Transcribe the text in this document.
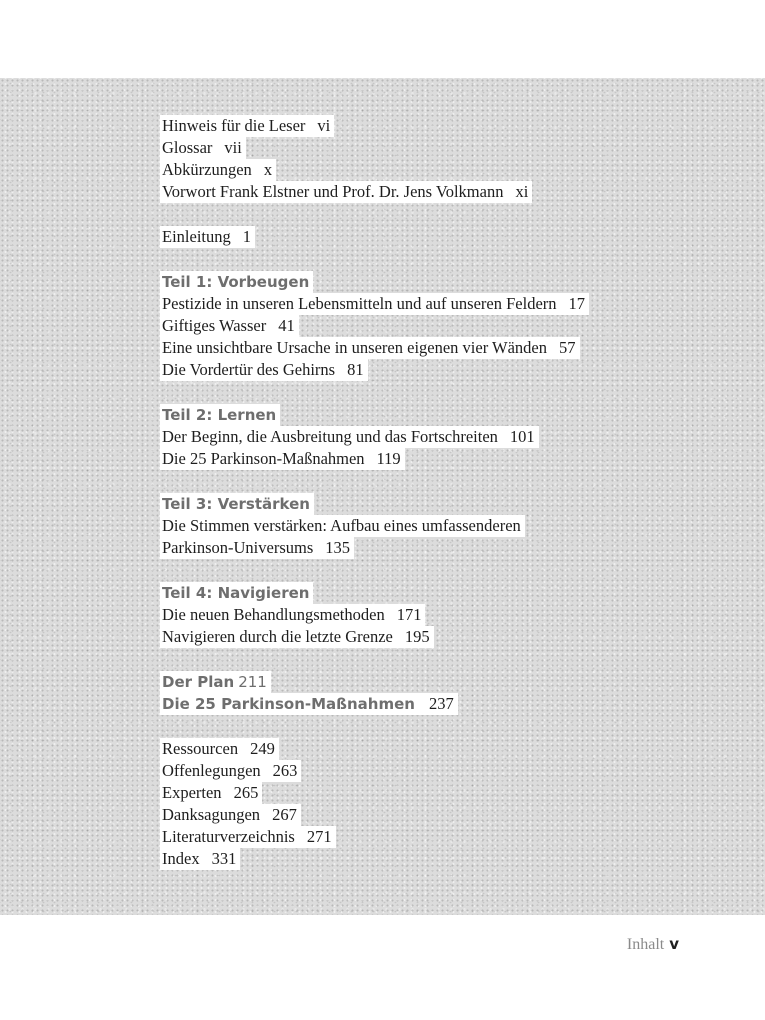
Hinweis für die Leser vi
Glossar vii
Abkürzungen x
Vorwort Frank Elstner und Prof. Dr. Jens Volkmann xi
Einleitung 1
Teil 1: Vorbeugen
Pestizide in unseren Lebensmitteln und auf unseren Feldern 17
Giftiges Wasser 41
Eine unsichtbare Ursache in unseren eigenen vier Wänden 57
Die Vordertür des Gehirns 81
Teil 2: Lernen
Der Beginn, die Ausbreitung und das Fortschreiten 101
Die 25 Parkinson-Maßnahmen 119
Teil 3: Verstärken
Die Stimmen verstärken: Aufbau eines umfassenderen
Parkinson-Universums 135
Teil 4: Navigieren
Die neuen Behandlungsmethoden 171
Navigieren durch die letzte Grenze 195
Der Plan 211
Die 25 Parkinson-Maßnahmen 237
Ressourcen 249
Offenlegungen 263
Experten 265
Danksagungen 267
Literaturverzeichnis 271
Index 331
Inhalt v
